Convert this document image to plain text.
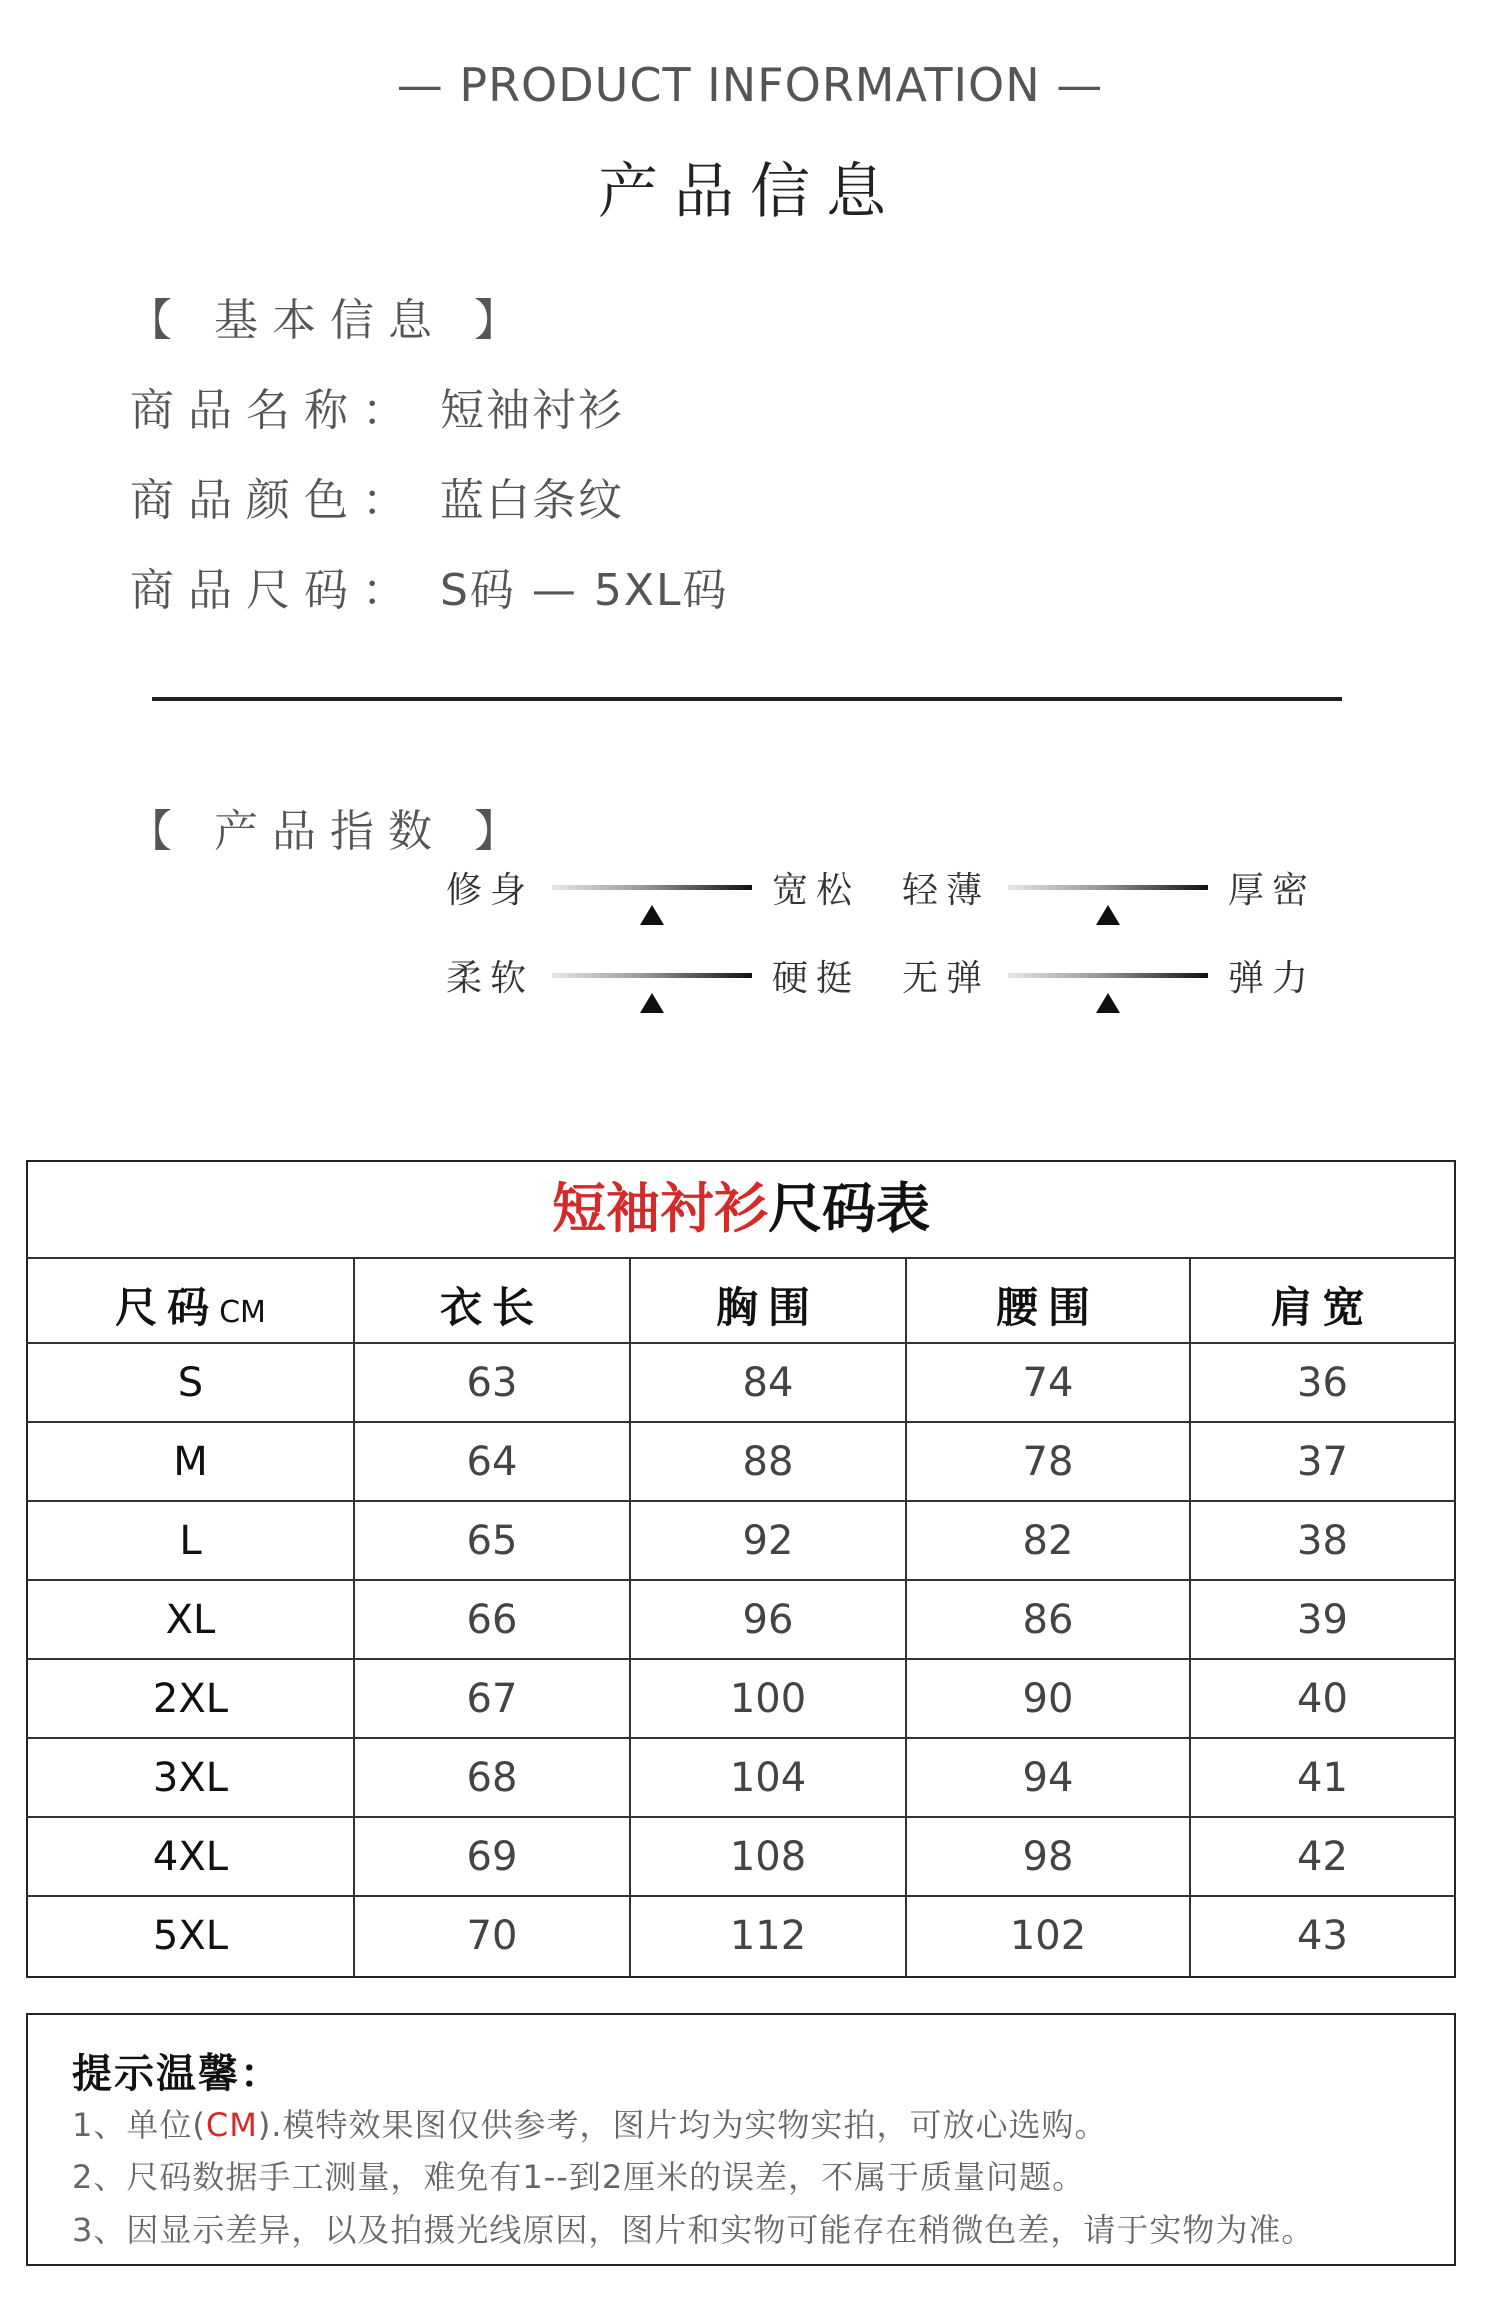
— PRODUCT INFORMATION —
产品信息
【 基本信息 】
商品名称： 短袖衬衫
商品颜色： 蓝白条纹
商品尺码： S码 — 5XL码
【 产品指数 】
修身	宽松 轻薄	厚密
柔软	硬挺 无弹	弹力
短袖衬衫尺码表
尺码CM	衣长	胸围	腰围	肩宽
S	63	84	74	36
M	64	88	78	37
L	65	92	82	38
XL	66	96	86	39
2XL	67	100	90	40
3XL	68	104	94	41
4XL	69	108	98	42
5XL	70	112	102	43
提示温馨：
1、单位(CM).模特效果图仅供参考，图片均为实物实拍，可放心选购。
2、尺码数据手工测量，难免有1--到2厘米的误差，不属于质量问题。
3、因显示差异，以及拍摄光线原因，图片和实物可能存在稍微色差，请于实物为准。
